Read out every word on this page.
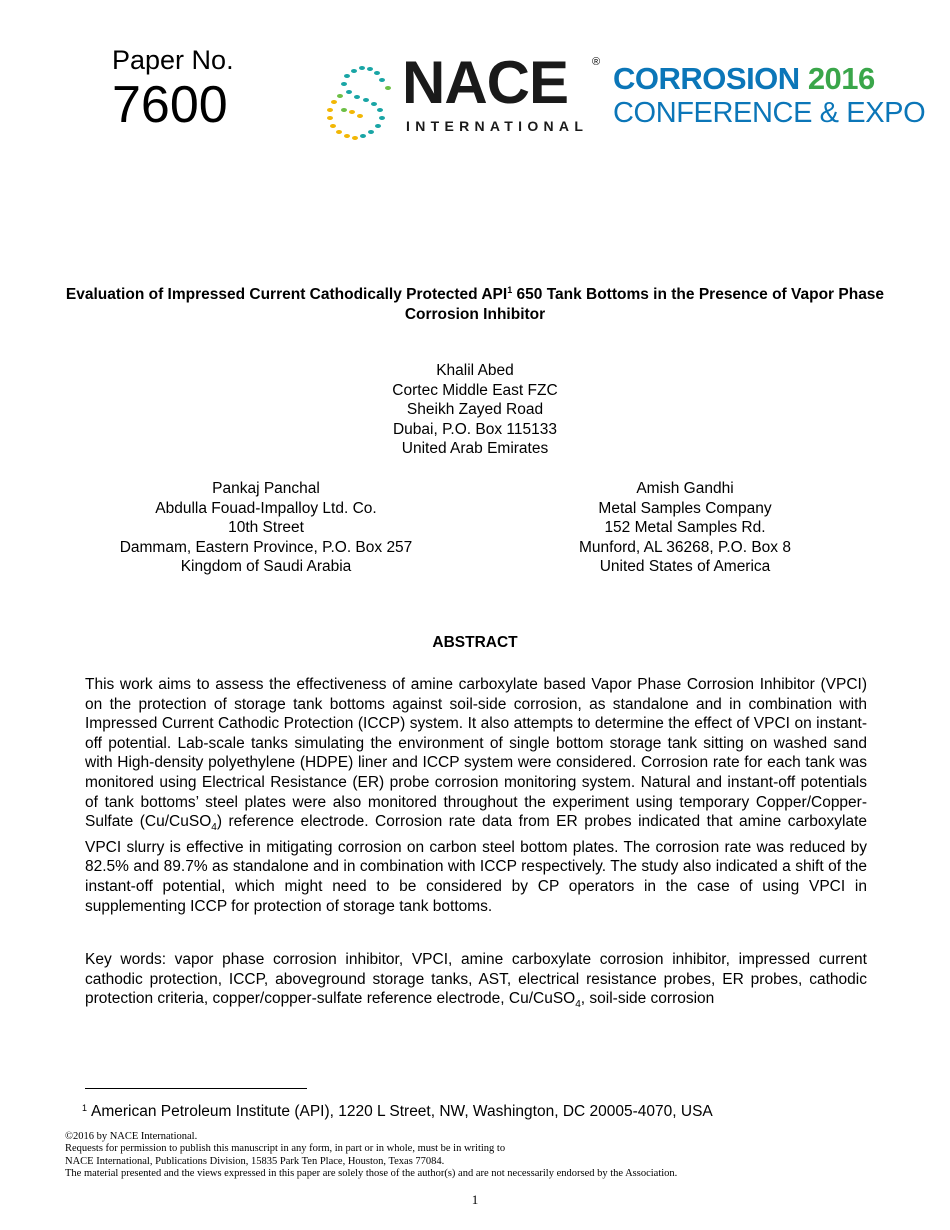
Paper No.
7600	NACE ®
INTERNATIONAL
CORROSION 2016
CONFERENCE & EXPO
Evaluation of Impressed Current Cathodically Protected API$^1$ 650 Tank Bottoms in the Presence of Vapor Phase Corrosion Inhibitor
Khalil Abed
Cortec Middle East FZC
Sheikh Zayed Road
Dubai, P.O. Box 115133
United Arab Emirates
Pankaj Panchal
Abdulla Fouad-Impalloy Ltd. Co.
10th Street
Dammam, Eastern Province, P.O. Box 257
Kingdom of Saudi Arabia
Amish Gandhi
Metal Samples Company
152 Metal Samples Rd.
Munford, AL 36268, P.O. Box 8
United States of America
ABSTRACT
This work aims to assess the effectiveness of amine carboxylate based Vapor Phase Corrosion Inhibitor (VPCI) on the protection of storage tank bottoms against soil-side corrosion, as standalone and in combination with Impressed Current Cathodic Protection (ICCP) system. It also attempts to determine the effect of VPCI on instant-off potential. Lab-scale tanks simulating the environment of single bottom storage tank sitting on washed sand with High-density polyethylene (HDPE) liner and ICCP system were considered. Corrosion rate for each tank was monitored using Electrical Resistance (ER) probe corrosion monitoring system. Natural and instant-off potentials of tank bottoms’ steel plates were also monitored throughout the experiment using temporary Copper/Copper-Sulfate (Cu/CuSO$_4$) reference electrode. Corrosion rate data from ER probes indicated that amine carboxylate VPCI slurry is effective in mitigating corrosion on carbon steel bottom plates. The corrosion rate was reduced by 82.5% and 89.7% as standalone and in combination with ICCP respectively. The study also indicated a shift of the instant-off potential, which might need to be considered by CP operators in the case of using VPCI in supplementing ICCP for protection of storage tank bottoms.
Key words: vapor phase corrosion inhibitor, VPCI, amine carboxylate corrosion inhibitor, impressed current cathodic protection, ICCP, aboveground storage tanks, AST, electrical resistance probes, ER probes, cathodic protection criteria, copper/copper-sulfate reference electrode, Cu/CuSO$_4$, soil-side corrosion
$^1$ American Petroleum Institute (API), 1220 L Street, NW, Washington, DC 20005-4070, USA
©2016 by NACE International.
Requests for permission to publish this manuscript in any form, in part or in whole, must be in writing to
NACE International, Publications Division, 15835 Park Ten Place, Houston, Texas 77084.
The material presented and the views expressed in this paper are solely those of the author(s) and are not necessarily endorsed by the Association.
1
